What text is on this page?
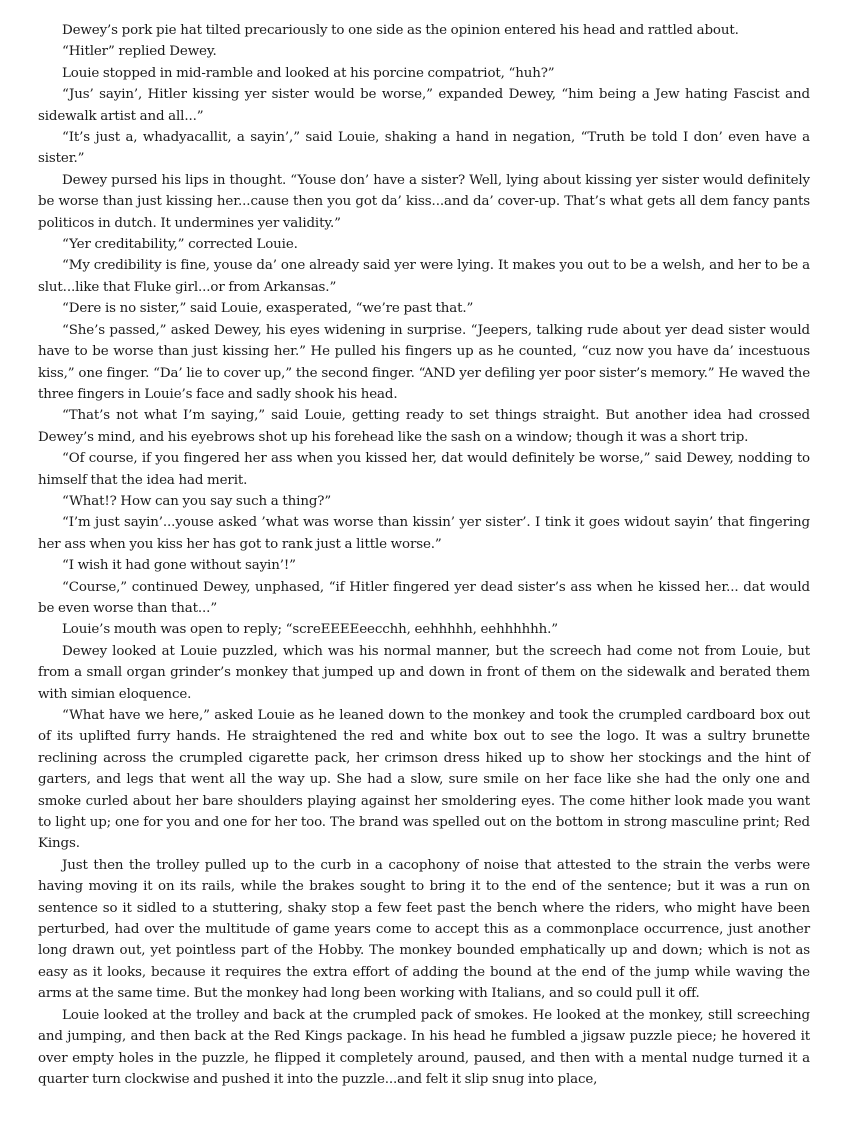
Dewey’s pork pie hat tilted precariously to one side as the opinion entered his head and rattled about.

“Hitler” replied Dewey.

Louie stopped in mid-ramble and looked at his porcine compatriot, “huh?”

“Jus’ sayin’, Hitler kissing yer sister would be worse,” expanded Dewey, “him being a Jew hating Fascist and sidewalk artist and all...”

“It’s just a, whadyacallit, a sayin’,” said Louie, shaking a hand in negation, “Truth be told I don’ even have a sister.”

Dewey pursed his lips in thought. “Youse don’ have a sister? Well, lying about kissing yer sister would definitely be worse than just kissing her...cause then you got da’ kiss...and da’ cover-up. That’s what gets all dem fancy pants politicos in dutch. It undermines yer validity.”

“Yer creditability,” corrected Louie.

“My credibility is fine, youse da’ one already said yer were lying. It makes you out to be a welsh, and her to be a slut...like that Fluke girl...or from Arkansas.”

“Dere is no sister,” said Louie, exasperated, “we’re past that.”

“She’s passed,” asked Dewey, his eyes widening in surprise. “Jeepers, talking rude about yer dead sister would have to be worse than just kissing her.” He pulled his fingers up as he counted, “cuz now you have da’ incestuous kiss,” one finger. “Da’ lie to cover up,” the second finger. “AND yer defiling yer poor sister’s memory.” He waved the three fingers in Louie’s face and sadly shook his head.

“That’s not what I’m saying,” said Louie, getting ready to set things straight. But another idea had crossed Dewey’s mind, and his eyebrows shot up his forehead like the sash on a window; though it was a short trip.

“Of course, if you fingered her ass when you kissed her, dat would definitely be worse,” said Dewey, nodding to himself that the idea had merit.

“What!? How can you say such a thing?”

“I’m just sayin’...youse asked ’what was worse than kissin’ yer sister’. I tink it goes widout sayin’ that fingering her ass when you kiss her has got to rank just a little worse.”

“I wish it had gone without sayin’!”

“Course,” continued Dewey, unphased, “if Hitler fingered yer dead sister’s ass when he kissed her... dat would be even worse than that...”

Louie’s mouth was open to reply; “screEEEEeecchh, eehhhhh, eehhhhhh.”

Dewey looked at Louie puzzled, which was his normal manner, but the screech had come not from Louie, but from a small organ grinder’s monkey that jumped up and down in front of them on the sidewalk and berated them with simian eloquence.

“What have we here,” asked Louie as he leaned down to the monkey and took the crumpled cardboard box out of its uplifted furry hands. He straightened the red and white box out to see the logo. It was a sultry brunette reclining across the crumpled cigarette pack, her crimson dress hiked up to show her stockings and the hint of garters, and legs that went all the way up. She had a slow, sure smile on her face like she had the only one and smoke curled about her bare shoulders playing against her smoldering eyes. The come hither look made you want to light up; one for you and one for her too. The brand was spelled out on the bottom in strong masculine print; Red Kings.

Just then the trolley pulled up to the curb in a cacophony of noise that attested to the strain the verbs were having moving it on its rails, while the brakes sought to bring it to the end of the sentence; but it was a run on sentence so it sidled to a stuttering, shaky stop a few feet past the bench where the riders, who might have been perturbed, had over the multitude of game years come to accept this as a commonplace occurrence, just another long drawn out, yet pointless part of the Hobby. The monkey bounded emphatically up and down; which is not as easy as it looks, because it requires the extra effort of adding the bound at the end of the jump while waving the arms at the same time. But the monkey had long been working with Italians, and so could pull it off.

Louie looked at the trolley and back at the crumpled pack of smokes. He looked at the monkey, still screeching and jumping, and then back at the Red Kings package. In his head he fumbled a jigsaw puzzle piece; he hovered it over empty holes in the puzzle, he flipped it completely around, paused, and then with a mental nudge turned it a quarter turn clockwise and pushed it into the puzzle...and felt it slip snug into place,
